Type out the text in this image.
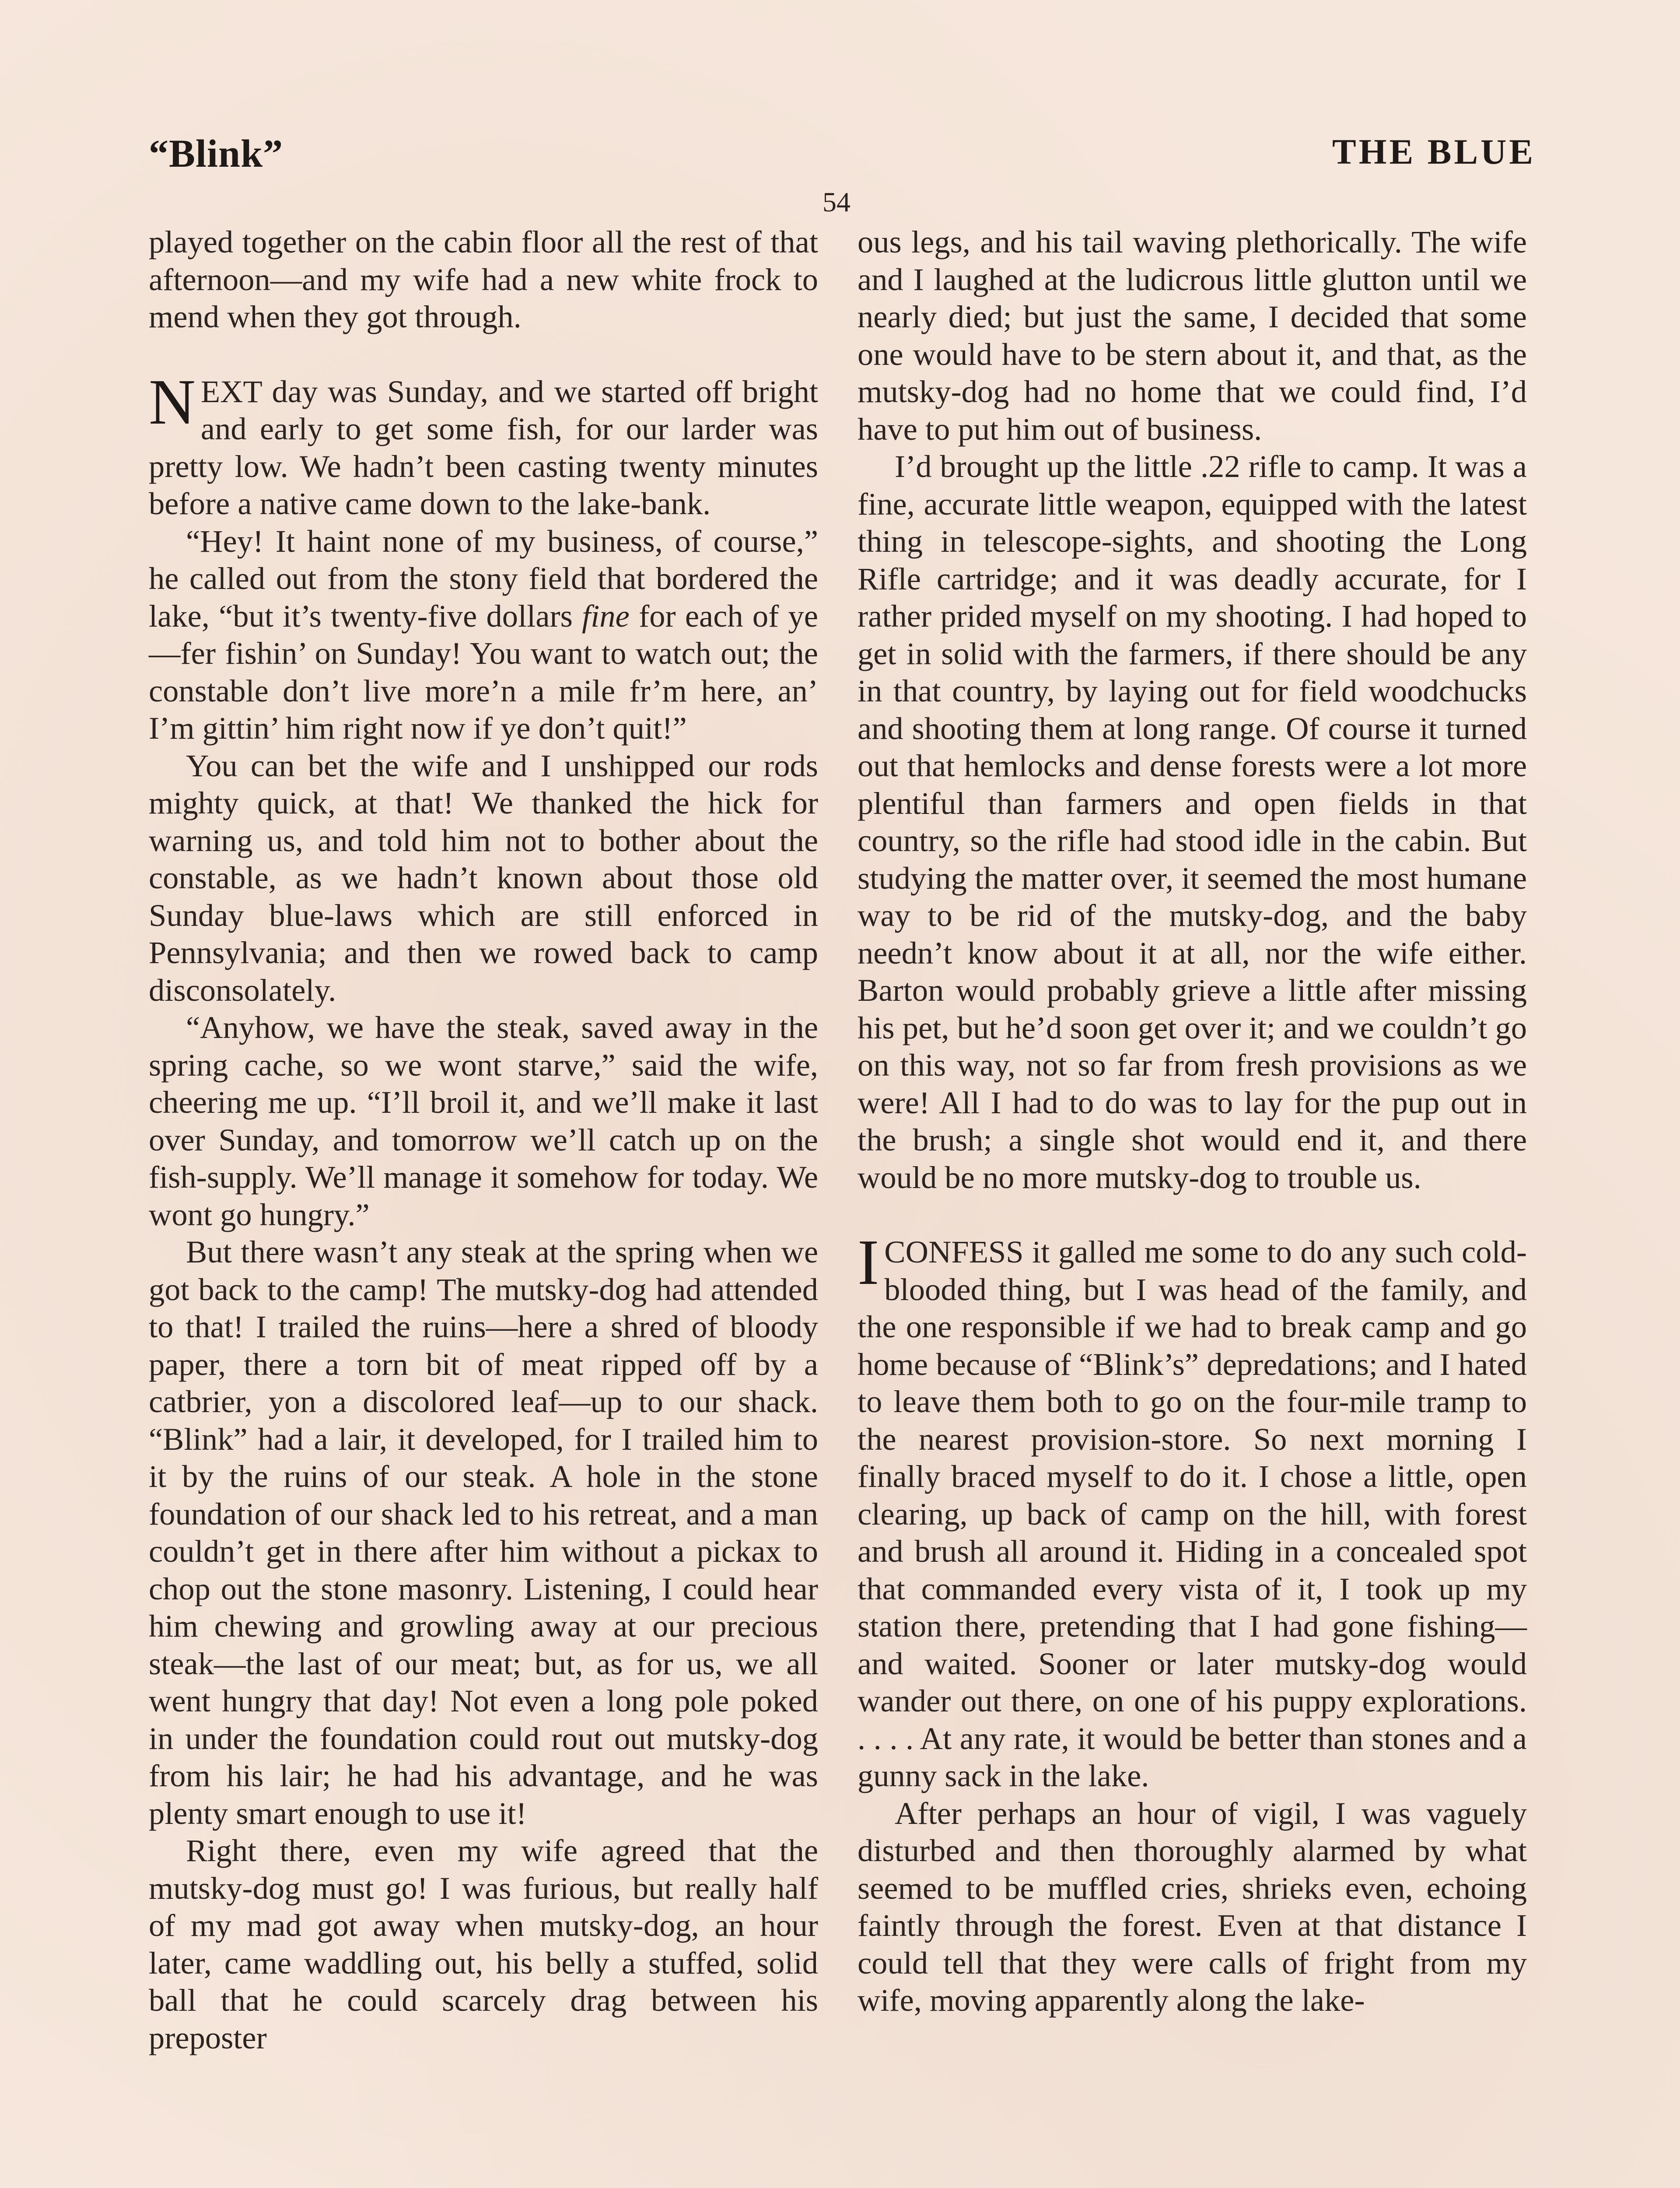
“Blink”	THE BLUE
54

played together on the cabin floor all the rest of that afternoon—and my wife had a new white frock to mend when they got through.

NEXT day was Sunday, and we started off bright and early to get some fish, for our larder was pretty low. We hadn’t been casting twenty minutes before a native came down to the lake-bank.

“Hey! It haint none of my business, of course,” he called out from the stony field that bordered the lake, “but it’s twenty-five dollars fine for each of ye—fer fishin’ on Sunday! You want to watch out; the constable don’t live more’n a mile fr’m here, an’ I’m gittin’ him right now if ye don’t quit!”

You can bet the wife and I unshipped our rods mighty quick, at that! We thanked the hick for warning us, and told him not to bother about the constable, as we hadn’t known about those old Sunday blue-laws which are still enforced in Pennsylvania; and then we rowed back to camp disconsolately.

“Anyhow, we have the steak, saved away in the spring cache, so we wont starve,” said the wife, cheering me up. “I’ll broil it, and we’ll make it last over Sunday, and tomorrow we’ll catch up on the fish-supply. We’ll manage it somehow for today. We wont go hungry.”

But there wasn’t any steak at the spring when we got back to the camp! The mutsky-dog had attended to that! I trailed the ruins—here a shred of bloody paper, there a torn bit of meat ripped off by a catbrier, yon a discolored leaf—up to our shack. “Blink” had a lair, it developed, for I trailed him to it by the ruins of our steak. A hole in the stone foundation of our shack led to his retreat, and a man couldn’t get in there after him without a pickax to chop out the stone masonry. Listening, I could hear him chewing and growling away at our precious steak—the last of our meat; but, as for us, we all went hungry that day! Not even a long pole poked in under the foundation could rout out mutsky-dog from his lair; he had his advantage, and he was plenty smart enough to use it!

Right there, even my wife agreed that the mutsky-dog must go! I was furious, but really half of my mad got away when mutsky-dog, an hour later, came waddling out, his belly a stuffed, solid ball that he could scarcely drag between his preposter

ous legs, and his tail waving plethorically. The wife and I laughed at the ludicrous little glutton until we nearly died; but just the same, I decided that some one would have to be stern about it, and that, as the mutsky-dog had no home that we could find, I’d have to put him out of business.

I’d brought up the little .22 rifle to camp. It was a fine, accurate little weapon, equipped with the latest thing in telescope-sights, and shooting the Long Rifle cartridge; and it was deadly accurate, for I rather prided myself on my shooting. I had hoped to get in solid with the farmers, if there should be any in that country, by laying out for field woodchucks and shooting them at long range. Of course it turned out that hemlocks and dense forests were a lot more plentiful than farmers and open fields in that country, so the rifle had stood idle in the cabin. But studying the matter over, it seemed the most humane way to be rid of the mutsky-dog, and the baby needn’t know about it at all, nor the wife either. Barton would probably grieve a little after missing his pet, but he’d soon get over it; and we couldn’t go on this way, not so far from fresh provisions as we were! All I had to do was to lay for the pup out in the brush; a single shot would end it, and there would be no more mutsky-dog to trouble us.

ICONFESS it galled me some to do any such cold-blooded thing, but I was head of the family, and the one responsible if we had to break camp and go home because of “Blink’s” depredations; and I hated to leave them both to go on the four-mile tramp to the nearest provision-store. So next morning I finally braced myself to do it. I chose a little, open clearing, up back of camp on the hill, with forest and brush all around it. Hiding in a concealed spot that commanded every vista of it, I took up my station there, pretending that I had gone fishing—and waited. Sooner or later mutsky-dog would wander out there, on one of his puppy explorations. . . . . At any rate, it would be better than stones and a gunny sack in the lake.

After perhaps an hour of vigil, I was vaguely disturbed and then thoroughly alarmed by what seemed to be muffled cries, shrieks even, echoing faintly through the forest. Even at that distance I could tell that they were calls of fright from my wife, moving apparently along the lake-
